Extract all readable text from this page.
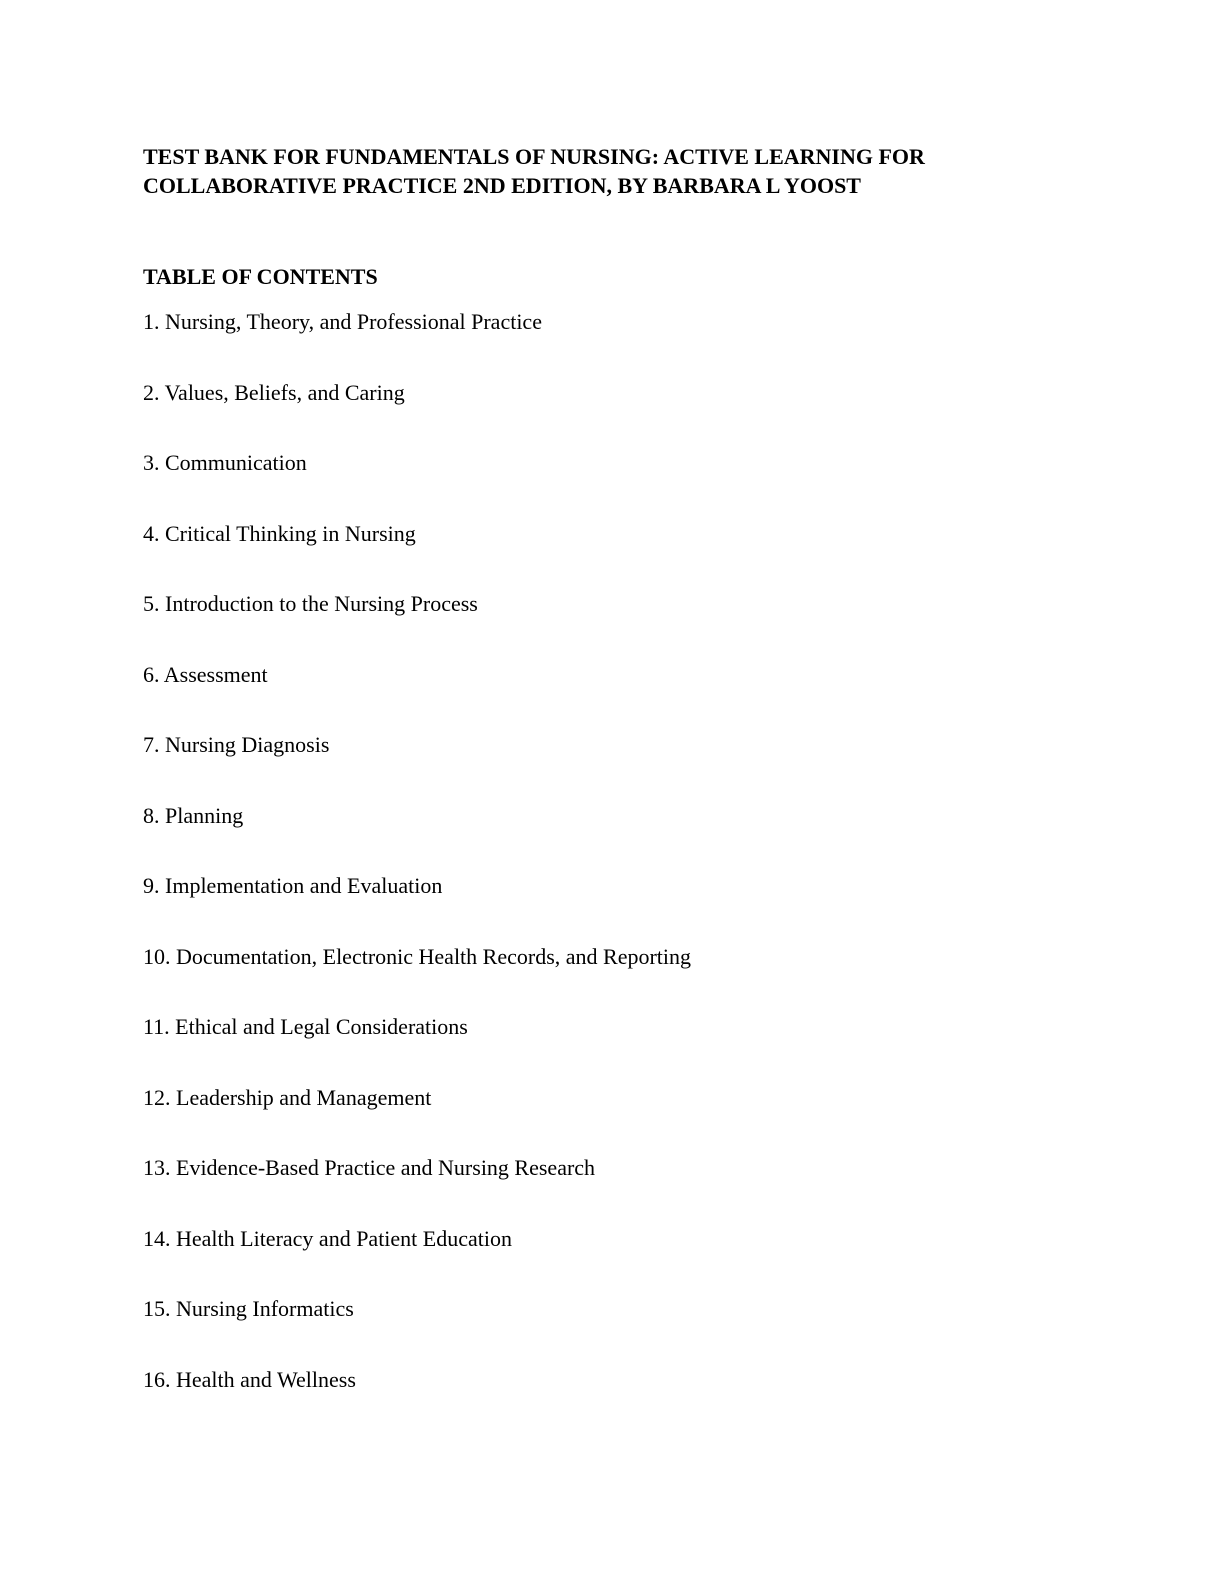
TEST BANK FOR FUNDAMENTALS OF NURSING: ACTIVE LEARNING FOR
COLLABORATIVE PRACTICE 2ND EDITION, BY BARBARA L YOOST
TABLE OF CONTENTS
1. Nursing, Theory, and Professional Practice
2. Values, Beliefs, and Caring
3. Communication
4. Critical Thinking in Nursing
5. Introduction to the Nursing Process
6. Assessment
7. Nursing Diagnosis
8. Planning
9. Implementation and Evaluation
10. Documentation, Electronic Health Records, and Reporting
11. Ethical and Legal Considerations
12. Leadership and Management
13. Evidence-Based Practice and Nursing Research
14. Health Literacy and Patient Education
15. Nursing Informatics
16. Health and Wellness
